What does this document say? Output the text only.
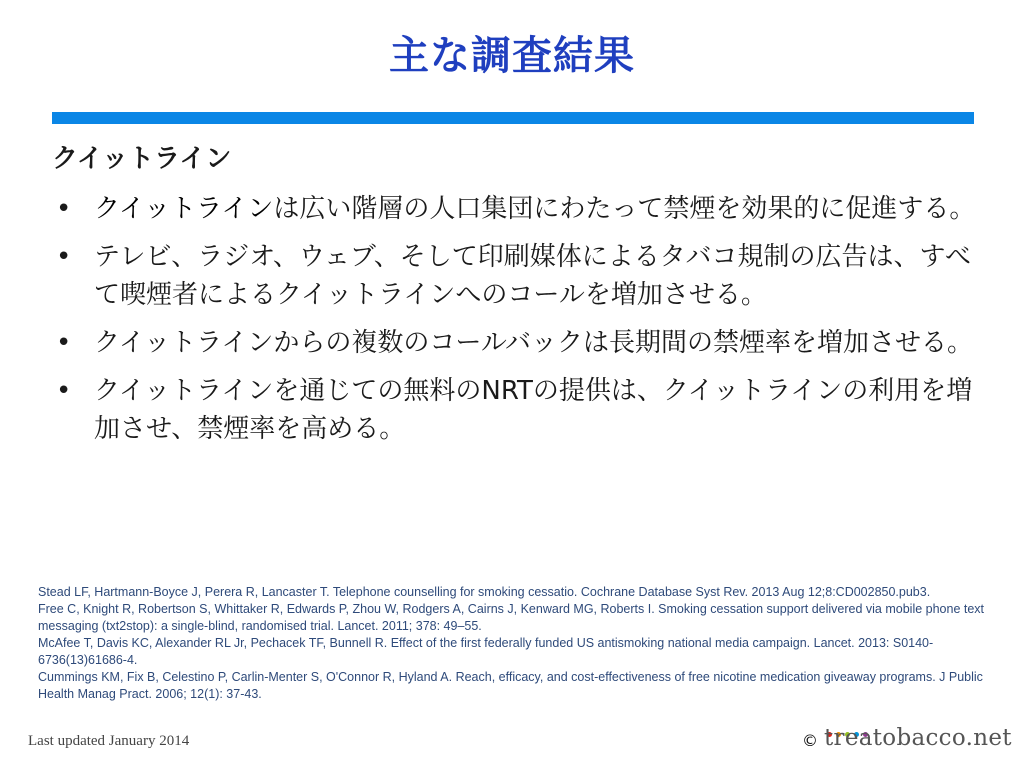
主な調査結果
クイットライン
• クイットラインは広い階層の人口集団にわたって禁煙を効果的に促進する。
• テレビ、ラジオ、ウェブ、そして印刷媒体によるタバコ規制の広告は、すべて喫煙者によるクイットラインへのコールを増加させる。
• クイットラインからの複数のコールバックは長期間の禁煙率を増加させる。
• クイットラインを通じての無料のNRTの提供は、クイットラインの利用を増加させ、禁煙率を高める。

Stead LF, Hartmann-Boyce J, Perera R, Lancaster T. Telephone counselling for smoking cessatio. Cochrane Database Syst Rev. 2013 Aug 12;8:CD002850.pub3.

Free C, Knight R, Robertson S, Whittaker R, Edwards P, Zhou W, Rodgers A, Cairns J, Kenward MG, Roberts I. Smoking cessation support delivered via mobile phone text messaging (txt2stop): a single-blind, randomised trial. Lancet. 2011; 378: 49–55.

McAfee T, Davis KC, Alexander RL Jr, Pechacek TF, Bunnell R. Effect of the first federally funded US antismoking national media campaign. Lancet. 2013: S0140-6736(13)61686-4.

Cummings KM, Fix B, Celestino P, Carlin-Menter S, O'Connor R, Hyland A. Reach, efficacy, and cost-effectiveness of free nicotine medication giveaway programs. J Public Health Manag Pract. 2006; 12(1): 37-43.

Last updated January 2014	© treatobacco.net
